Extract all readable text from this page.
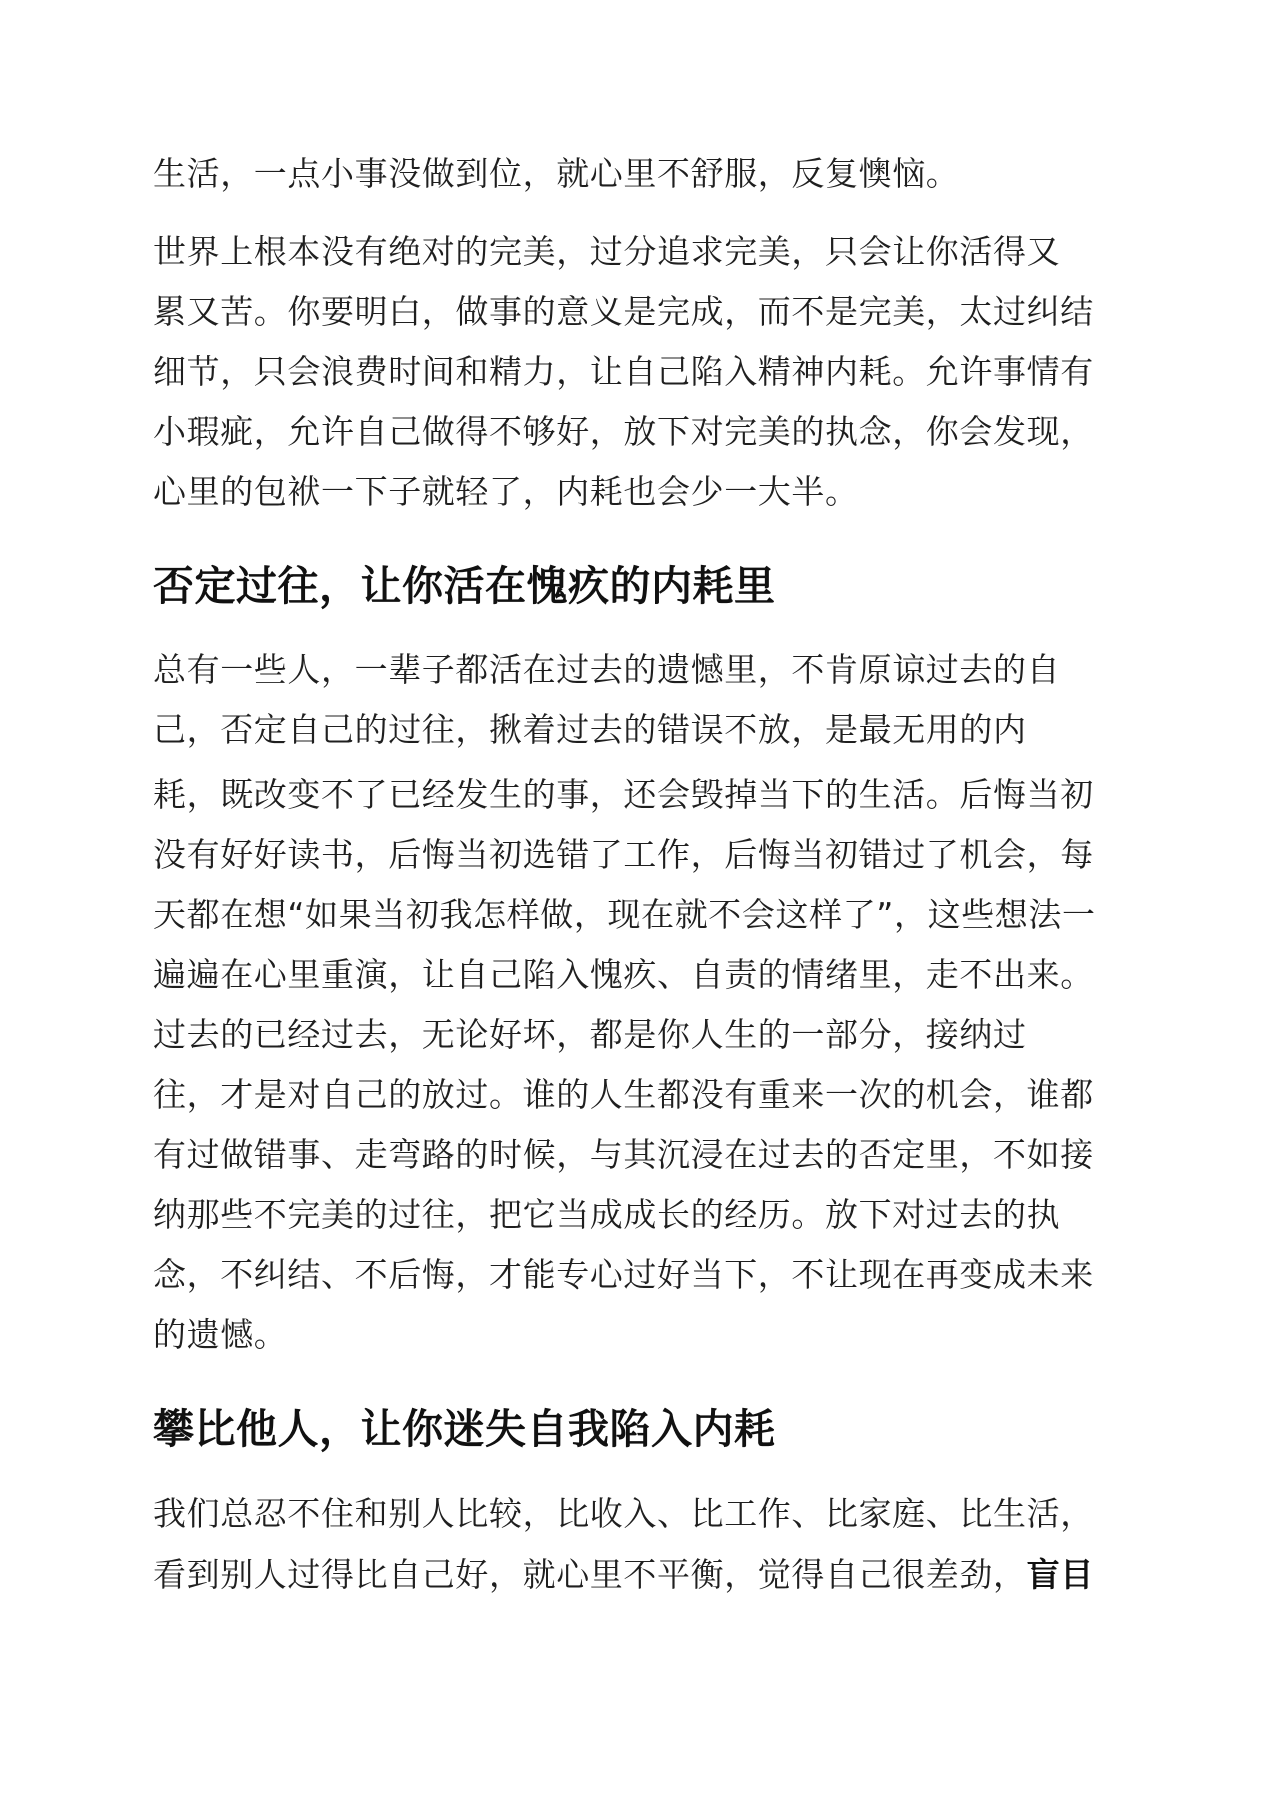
生活，一点小事没做到位，就心里不舒服，反复懊恼。
世界上根本没有绝对的完美，过分追求完美，只会让你活得又
累又苦。你要明白，做事的意义是完成，而不是完美，太过纠结
细节，只会浪费时间和精力，让自己陷入精神内耗。允许事情有
小瑕疵，允许自己做得不够好，放下对完美的执念，你会发现，
心里的包袱一下子就轻了，内耗也会少一大半。
否定过往，让你活在愧疚的内耗里
总有一些人，一辈子都活在过去的遗憾里，不肯原谅过去的自
己，否定自己的过往，揪着过去的错误不放，是最无用的内
耗，既改变不了已经发生的事，还会毁掉当下的生活。后悔当初
没有好好读书，后悔当初选错了工作，后悔当初错过了机会，每
天都在想“如果当初我怎样做，现在就不会这样了”，这些想法一
遍遍在心里重演，让自己陷入愧疚、自责的情绪里，走不出来。
过去的已经过去，无论好坏，都是你人生的一部分，接纳过
往，才是对自己的放过。谁的人生都没有重来一次的机会，谁都
有过做错事、走弯路的时候，与其沉浸在过去的否定里，不如接
纳那些不完美的过往，把它当成成长的经历。放下对过去的执
念，不纠结、不后悔，才能专心过好当下，不让现在再变成未来
的遗憾。
攀比他人，让你迷失自我陷入内耗
我们总忍不住和别人比较，比收入、比工作、比家庭、比生活，
看到别人过得比自己好，就心里不平衡，觉得自己很差劲，盲目
